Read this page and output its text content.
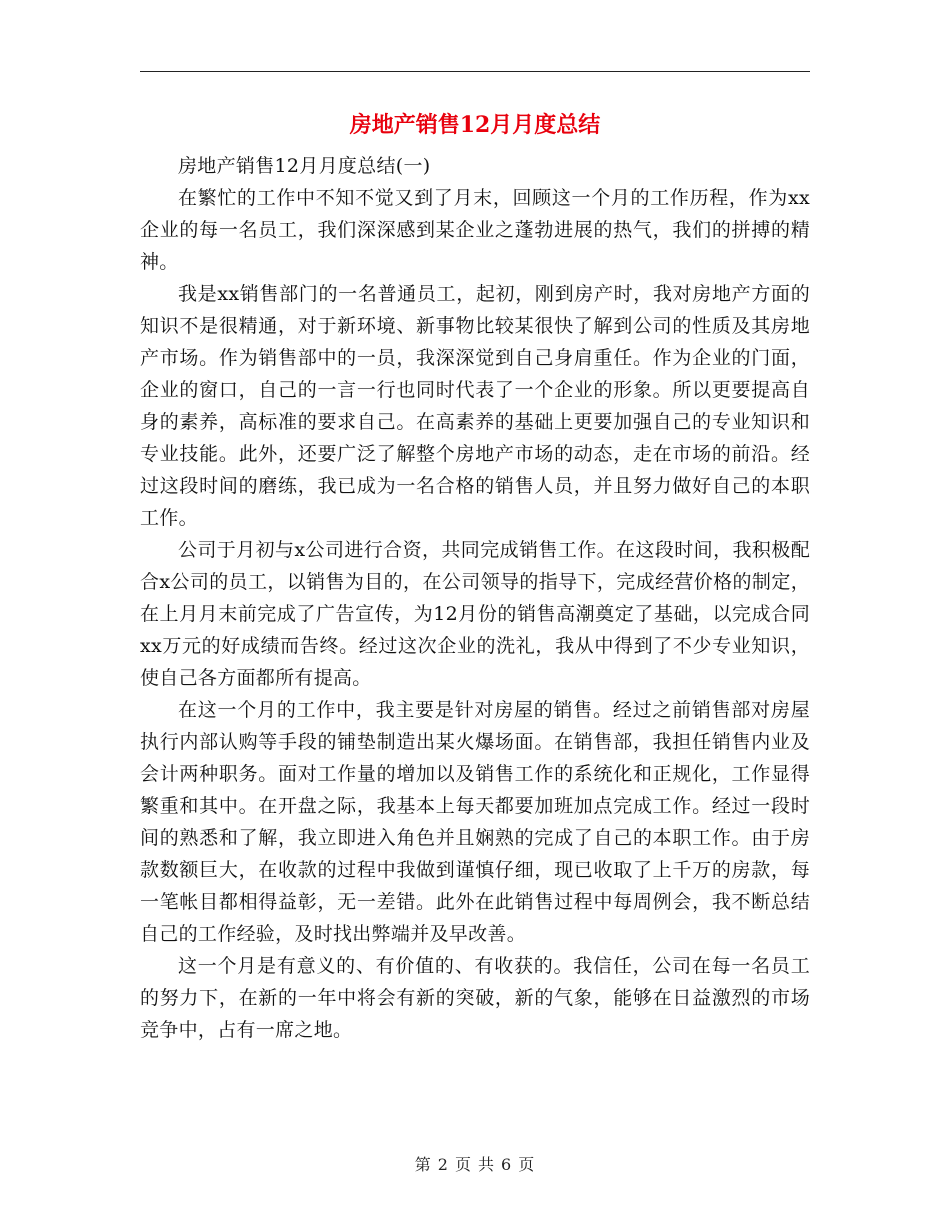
房地产销售12月月度总结

房地产销售12月月度总结(一)

在繁忙的工作中不知不觉又到了月末，回顾这一个月的工作历程，作为xx企业的每一名员工，我们深深感到某企业之蓬勃进展的热气，我们的拼搏的精神。

我是xx销售部门的一名普通员工，起初，刚到房产时，我对房地产方面的知识不是很精通，对于新环境、新事物比较某很快了解到公司的性质及其房地产市场。作为销售部中的一员，我深深觉到自己身肩重任。作为企业的门面，企业的窗口，自己的一言一行也同时代表了一个企业的形象。所以更要提高自身的素养，高标准的要求自己。在高素养的基础上更要加强自己的专业知识和专业技能。此外，还要广泛了解整个房地产市场的动态，走在市场的前沿。经过这段时间的磨练，我已成为一名合格的销售人员，并且努力做好自己的本职工作。

公司于月初与x公司进行合资，共同完成销售工作。在这段时间，我积极配合x公司的员工，以销售为目的，在公司领导的指导下，完成经营价格的制定，在上月月末前完成了广告宣传，为12月份的销售高潮奠定了基础，以完成合同xx万元的好成绩而告终。经过这次企业的洗礼，我从中得到了不少专业知识，使自己各方面都所有提高。

在这一个月的工作中，我主要是针对房屋的销售。经过之前销售部对房屋执行内部认购等手段的铺垫制造出某火爆场面。在销售部，我担任销售内业及会计两种职务。面对工作量的增加以及销售工作的系统化和正规化，工作显得繁重和其中。在开盘之际，我基本上每天都要加班加点完成工作。经过一段时间的熟悉和了解，我立即进入角色并且娴熟的完成了自己的本职工作。由于房款数额巨大，在收款的过程中我做到谨慎仔细，现已收取了上千万的房款，每一笔帐目都相得益彰，无一差错。此外在此销售过程中每周例会，我不断总结自己的工作经验，及时找出弊端并及早改善。

这一个月是有意义的、有价值的、有收获的。我信任，公司在每一名员工的努力下，在新的一年中将会有新的突破，新的气象，能够在日益激烈的市场竞争中，占有一席之地。

第 2 页 共 6 页
